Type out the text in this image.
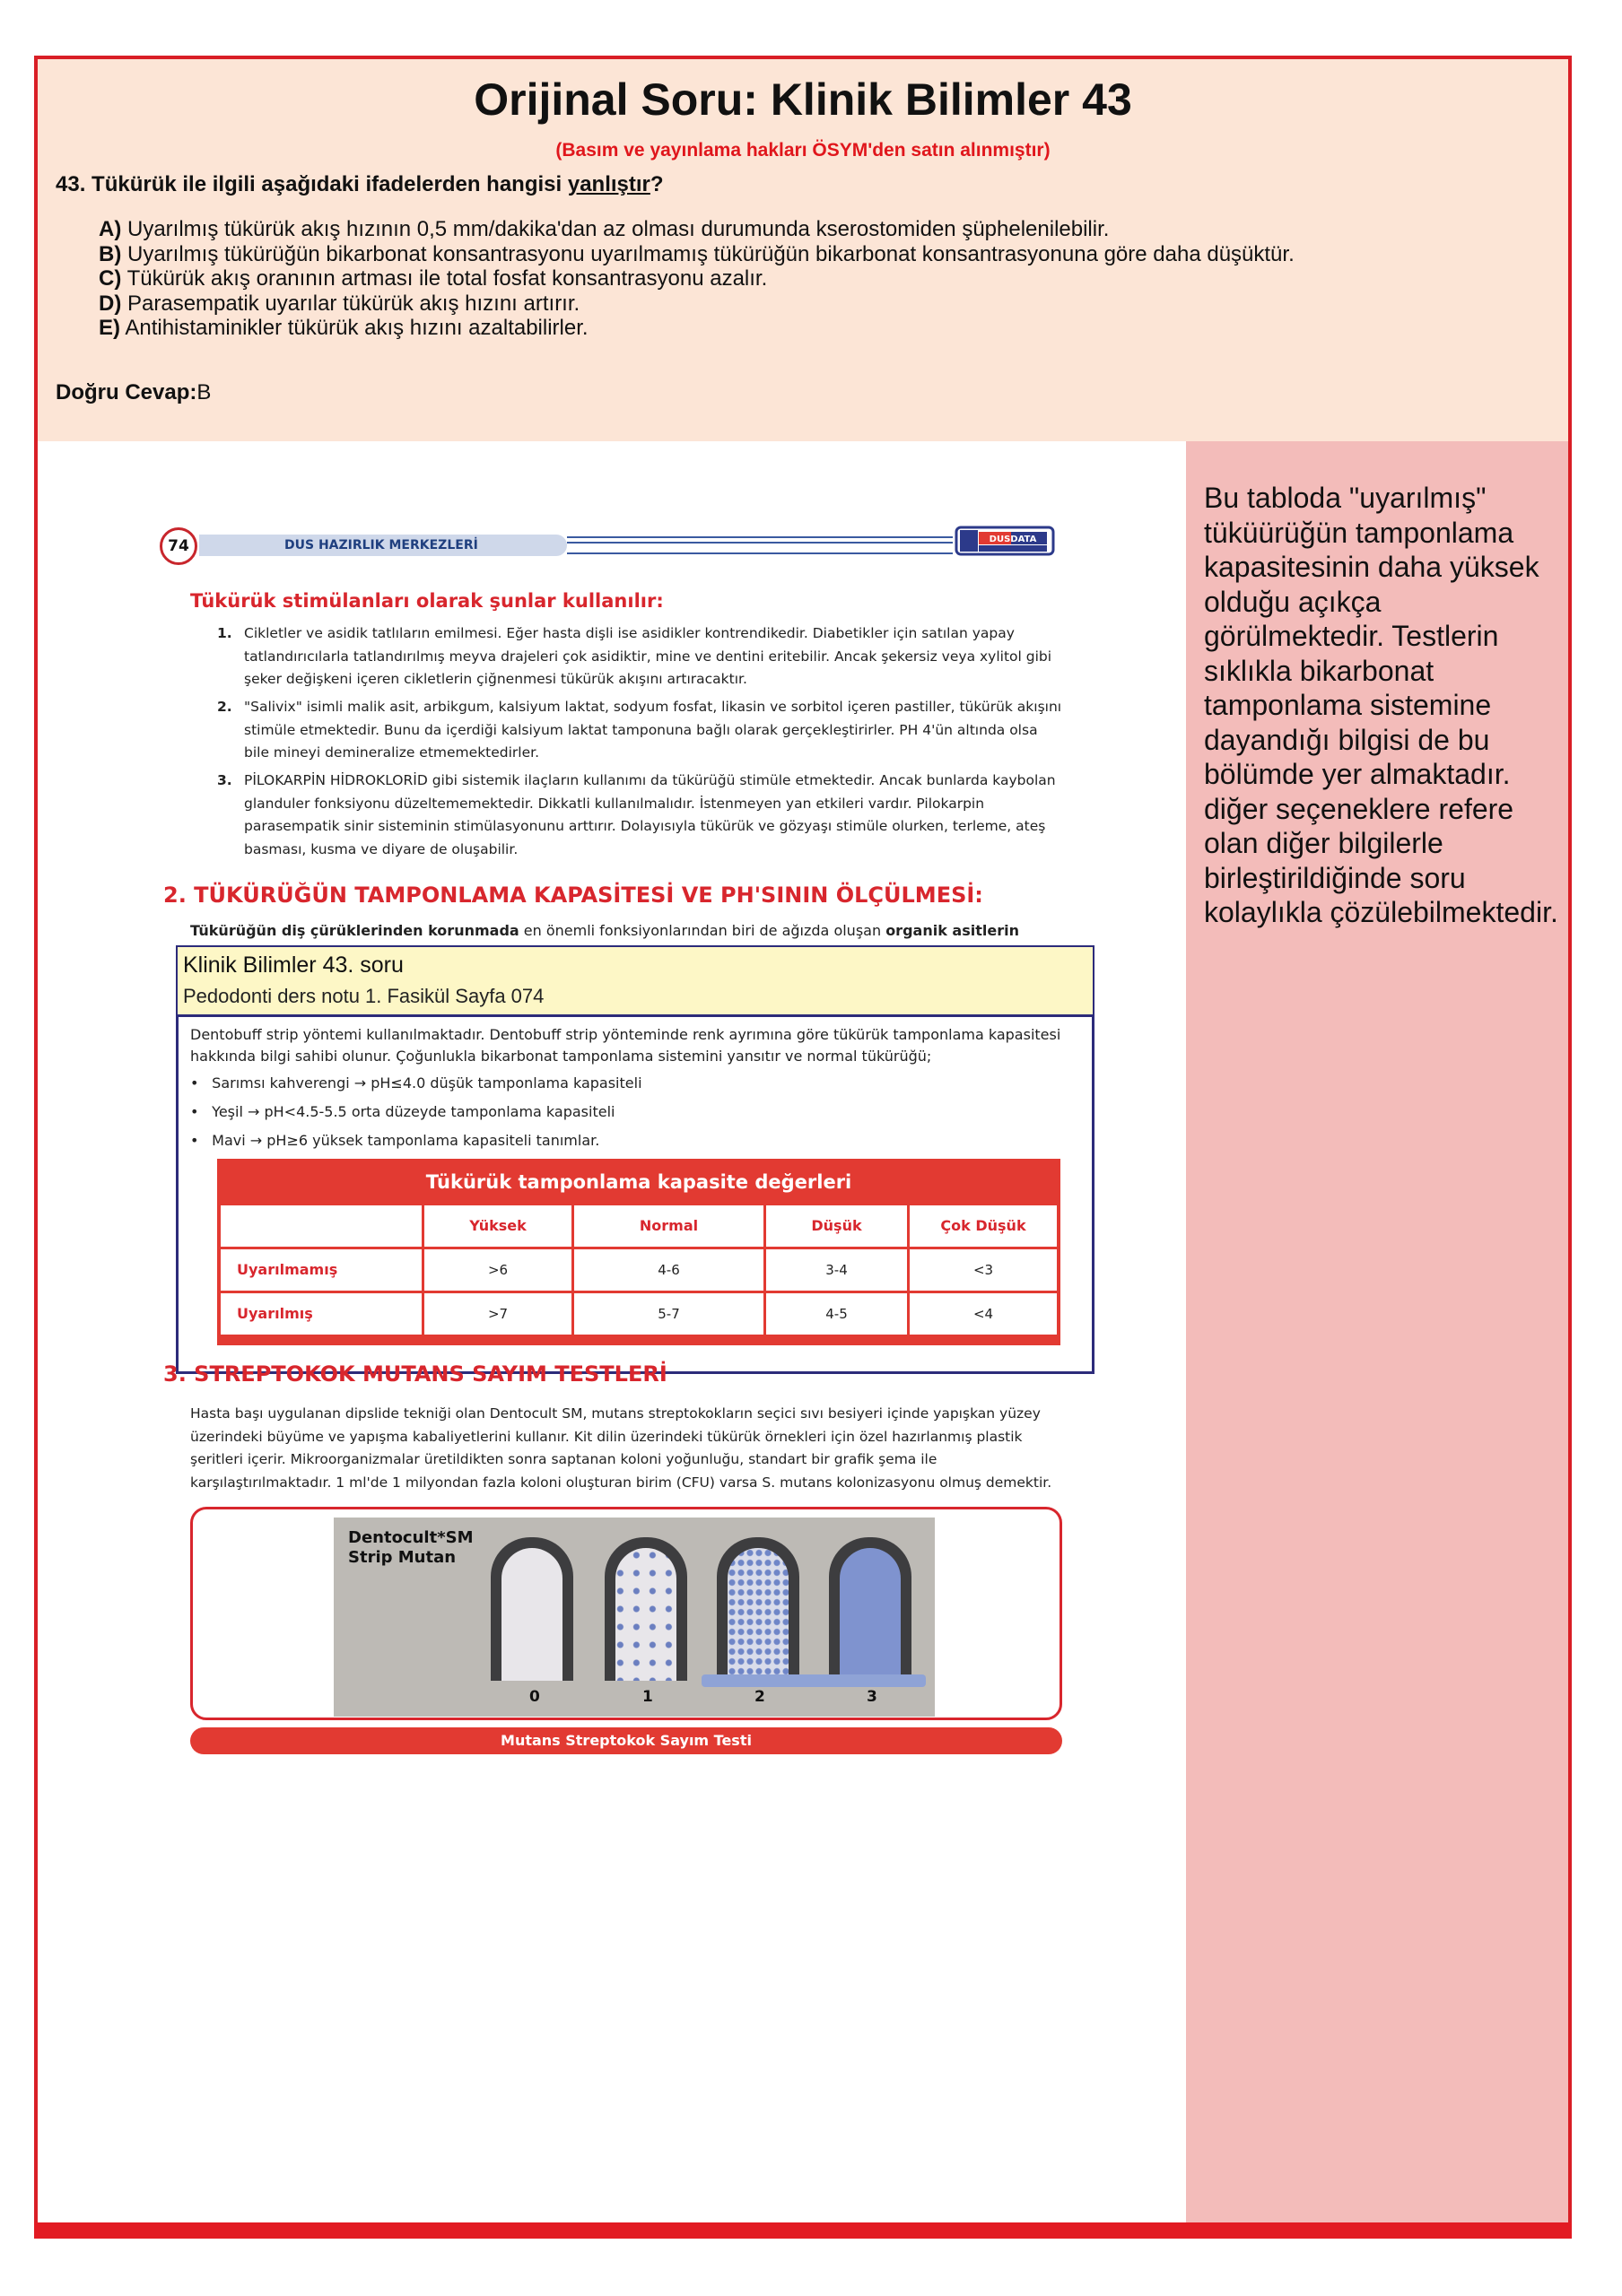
Orijinal Soru: Klinik Bilimler 43
(Basım ve yayınlama hakları ÖSYM'den satın alınmıştır)
43. Tükürük ile ilgili aşağıdaki ifadelerden hangisi yanlıştır?
A) Uyarılmış tükürük akış hızının 0,5 mm/dakika'dan az olması durumunda kserostomiden şüphelenilebilir.
B) Uyarılmış tükürüğün bikarbonat konsantrasyonu uyarılmamış tükürüğün bikarbonat konsantrasyonuna göre daha düşüktür.
C) Tükürük akış oranının artması ile total fosfat konsantrasyonu azalır.
D) Parasempatik uyarılar tükürük akış hızını artırır.
E) Antihistaminikler tükürük akış hızını azaltabilirler.
Doğru Cevap:B
Bu tabloda "uyarılmış" tüküürüğün tamponlama kapasitesinin daha yüksek olduğu açıkça görülmektedir. Testlerin sıklıkla bikarbonat tamponlama sistemine dayandığı bilgisi de bu bölümde yer almaktadır. diğer seçeneklere refere olan diğer bilgilerle birleştirildiğinde soru kolaylıkla çözülebilmektedir.
74	DUS HAZIRLIK MERKEZLERİ	DUSDATA
Tükürük stimülanları olarak şunlar kullanılır:
1. Cikletler ve asidik tatlıların emilmesi. Eğer hasta dişli ise asidikler kontrendikedir. Diabetikler için satılan yapay tatlandırıcılarla tatlandırılmış meyva drajeleri çok asidiktir, mine ve dentini eritebilir. Ancak şekersiz veya xylitol gibi şeker değişkeni içeren cikletlerin çiğnenmesi tükürük akışını artıracaktır.
2. "Salivix" isimli malik asit, arbikgum, kalsiyum laktat, sodyum fosfat, likasin ve sorbitol içeren pastiller, tükürük akışını stimüle etmektedir. Bunu da içerdiği kalsiyum laktat tamponuna bağlı olarak gerçekleştirirler. PH 4'ün altında olsa bile mineyi demineralize etmemektedirler.
3. PİLOKARPİN HİDROKLORİD gibi sistemik ilaçların kullanımı da tükürüğü stimüle etmektedir. Ancak bunlarda kaybolan glanduler fonksiyonu düzeltememektedir. Dikkatli kullanılmalıdır. İstenmeyen yan etkileri vardır. Pilokarpin parasempatik sinir sisteminin stimülasyonunu arttırır. Dolayısıyla tükürük ve gözyaşı stimüle olurken, terleme, ateş basması, kusma ve diyare de oluşabilir.
2. TÜKÜRÜĞÜN TAMPONLAMA KAPASİTESİ VE PH'SININ ÖLÇÜLMESİ:
Tükürüğün diş çürüklerinden korunmada en önemli fonksiyonlarından biri de ağızda oluşan organik asitlerin
Dentobuff strip yöntemi kullanılmaktadır. Dentobuff strip yönteminde renk ayrımına göre tükürük tamponlama kapasitesi
hakkında bilgi sahibi olunur. Çoğunlukla bikarbonat tamponlama sistemini yansıtır ve normal tükürüğü;
• Sarımsı kahverengi → pH≤4.0 düşük tamponlama kapasiteli
• Yeşil → pH<4.5-5.5 orta düzeyde tamponlama kapasiteli
• Mavi → pH≥6 yüksek tamponlama kapasiteli tanımlar.
Tükürük tamponlama kapasite değerleri
Yüksek	Normal	Düşük	Çok Düşük
Uyarılmamış	>6	4-6	3-4	<3
Uyarılmış	>7	5-7	4-5	<4
Klinik Bilimler 43. soru
Pedodonti ders notu 1. Fasikül Sayfa 074
3. STREPTOKOK MUTANS SAYIM TESTLERİ
Hasta başı uygulanan dipslide tekniği olan Dentocult SM, mutans streptokokların seçici sıvı besiyeri içinde yapışkan yüzey üzerindeki büyüme ve yapışma kabaliyetlerini kullanır. Kit dilin üzerindeki tükürük örnekleri için özel hazırlanmış plastik şeritleri içerir. Mikroorganizmalar üretildikten sonra saptanan koloni yoğunluğu, standart bir grafik şema ile karşılaştırılmaktadır. 1 ml'de 1 milyondan fazla koloni oluşturan birim (CFU) varsa S. mutans kolonizasyonu olmuş demektir.
Dentocult*SM
Strip Mutan
0	1	2	3
Mutans Streptokok Sayım Testi
